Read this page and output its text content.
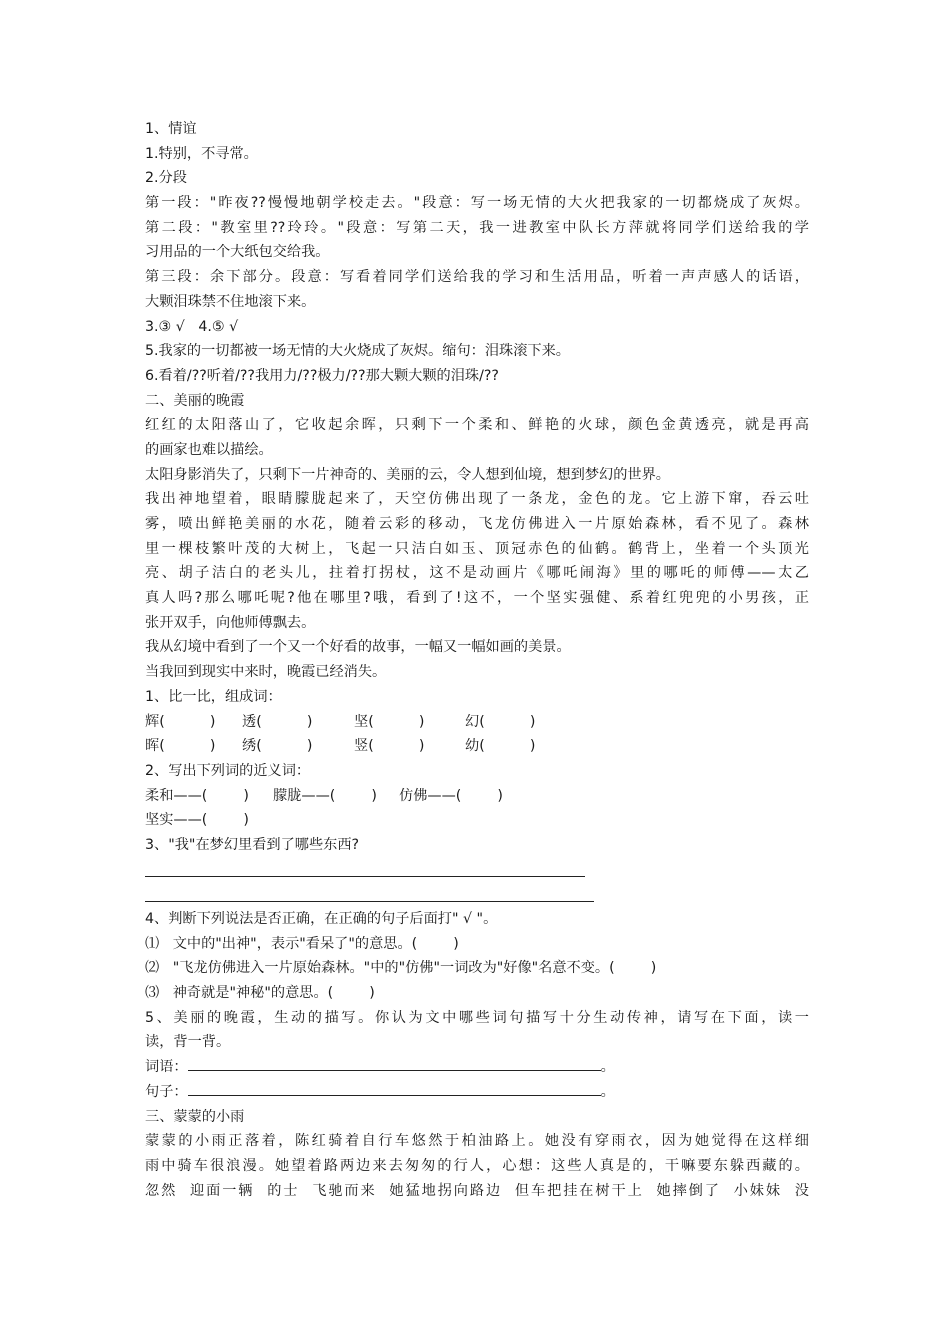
1、情谊
1.特别，不寻常。
2.分段
第一段："昨夜??慢慢地朝学校走去。"段意：写一场无情的大火把我家的一切都烧成了灰烬。
第二段："教室里??玲玲。"段意：写第二天，我一进教室中队长方萍就将同学们送给我的学
习用品的一个大纸包交给我。
第三段：余下部分。段意：写看着同学们送给我的学习和生活用品，听着一声声感人的话语，
大颗泪珠禁不住地滚下来。
3.③ √   4.⑤ √
5.我家的一切都被一场无情的大火烧成了灰烬。缩句：泪珠滚下来。
6.看着/??听着/??我用力/??极力/??那大颗大颗的泪珠/??
二、美丽的晚霞
红红的太阳落山了，它收起余晖，只剩下一个柔和、鲜艳的火球，颜色金黄透亮，就是再高
的画家也难以描绘。
太阳身影消失了，只剩下一片神奇的、美丽的云，令人想到仙境，想到梦幻的世界。
我出神地望着，眼睛朦胧起来了，天空仿佛出现了一条龙，金色的龙。它上游下窜，吞云吐
雾，喷出鲜艳美丽的水花，随着云彩的移动，飞龙仿佛进入一片原始森林，看不见了。森林
里一棵枝繁叶茂的大树上，飞起一只洁白如玉、顶冠赤色的仙鹤。鹤背上，坐着一个头顶光
亮、胡子洁白的老头儿，拄着打拐杖，这不是动画片《哪吒闹海》里的哪吒的师傅——太乙
真人吗?那么哪吒呢?他在哪里?哦，看到了!这不，一个坚实强健、系着红兜兜的小男孩，正
张开双手，向他师傅飘去。
我从幻境中看到了一个又一个好看的故事，一幅又一幅如画的美景。
当我回到现实中来时，晚霞已经消失。
1、比一比，组成词：
辉(          )	透(          )	坚(          )	幻(          )
晖(          )	绣(          )	竖(          )	幼(          )
2、写出下列词的近义词：
柔和——(        )	朦胧——(        )	仿佛——(        )
坚实——(        )
3、"我"在梦幻里看到了哪些东西?
4、判断下列说法是否正确，在正确的句子后面打" √ "。
⑴   文中的"出神"，表示"看呆了"的意思。(        )
⑵   "飞龙仿佛进入一片原始森林。"中的"仿佛"一词改为"好像"名意不变。(        )
⑶   神奇就是"神秘"的意思。(        )
5、美丽的晚霞，生动的描写。你认为文中哪些词句描写十分生动传神，请写在下面，读一
读，背一背。
词语：	。
句子：	。
三、蒙蒙的小雨
蒙蒙的小雨正落着，陈红骑着自行车悠然于柏油路上。她没有穿雨衣，因为她觉得在这样细
雨中骑车很浪漫。她望着路两边来去匆匆的行人，心想：这些人真是的，干嘛要东躲西藏的。
忽然  迎面一辆  的士  飞驰而来  她猛地拐向路边  但车把挂在树干上  她摔倒了  小妹妹  没
